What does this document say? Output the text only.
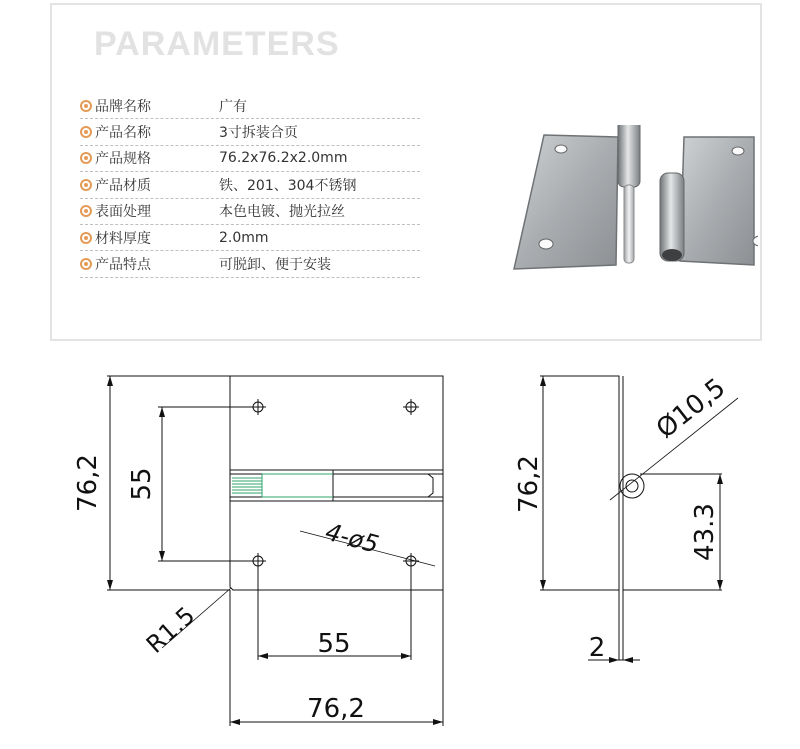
PARAMETERS
品牌名称	广有
产品名称	3寸拆装合页
产品规格	76.2x76.2x2.0mm
产品材质	铁、201、304不锈钢
表面处理	本色电镀、抛光拉丝
材料厚度	2.0mm
产品特点	可脱卸、便于安装
76,2 55
4-ø5
R1.5	55
76,2
76,2
Ø10,5
43.3
2
